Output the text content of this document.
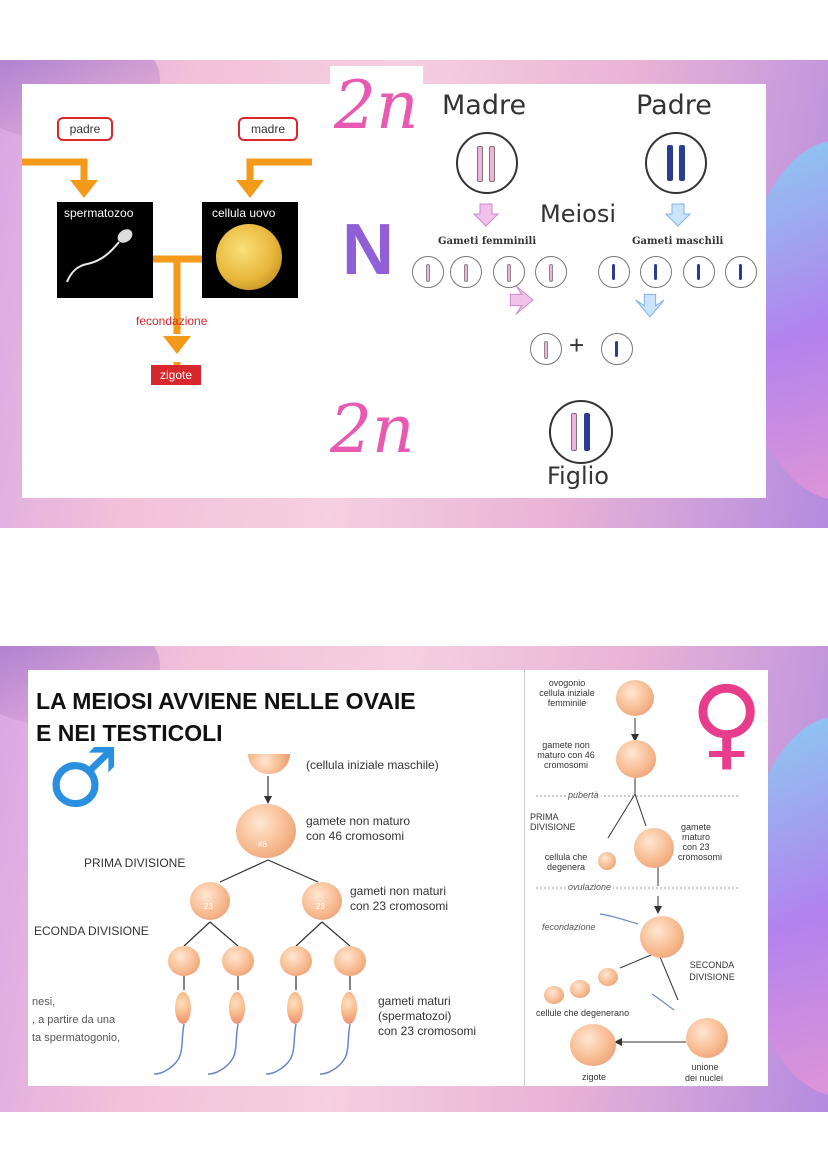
padre	madre
spermatozoo	cellula uovo
fecondazione
zigote
2n
N
2n
Madre	Padre
Meiosi
Gameti femminili	Gameti maschili
+
Figlio
LA MEIOSI AVVIENE NELLE OVAIE
E NEI TESTICOLI
♂	♀
(cellula iniziale maschile)
46
gamete non maturo
con 46 cromosomi
PRIMA DIVISIONE
ECONDA DIVISIONE
23	23
gameti non maturi
con 23 cromosomi
gameti maturi
(spermatozoi)
con 23 cromosomi
nesi,
, a partire da una
ta spermatogonio,
ovogonio
cellula iniziale
femminile
gamete non
maturo con 46
cromosomi
pubertà
PRIMA
DIVISIONE
cellula che
degenera
gamete
maturo
con 23
cromosomi
ovulazione
fecondazione
SECONDA
DIVISIONE
cellule che degenerano
zigote
unione
dei nuclei
